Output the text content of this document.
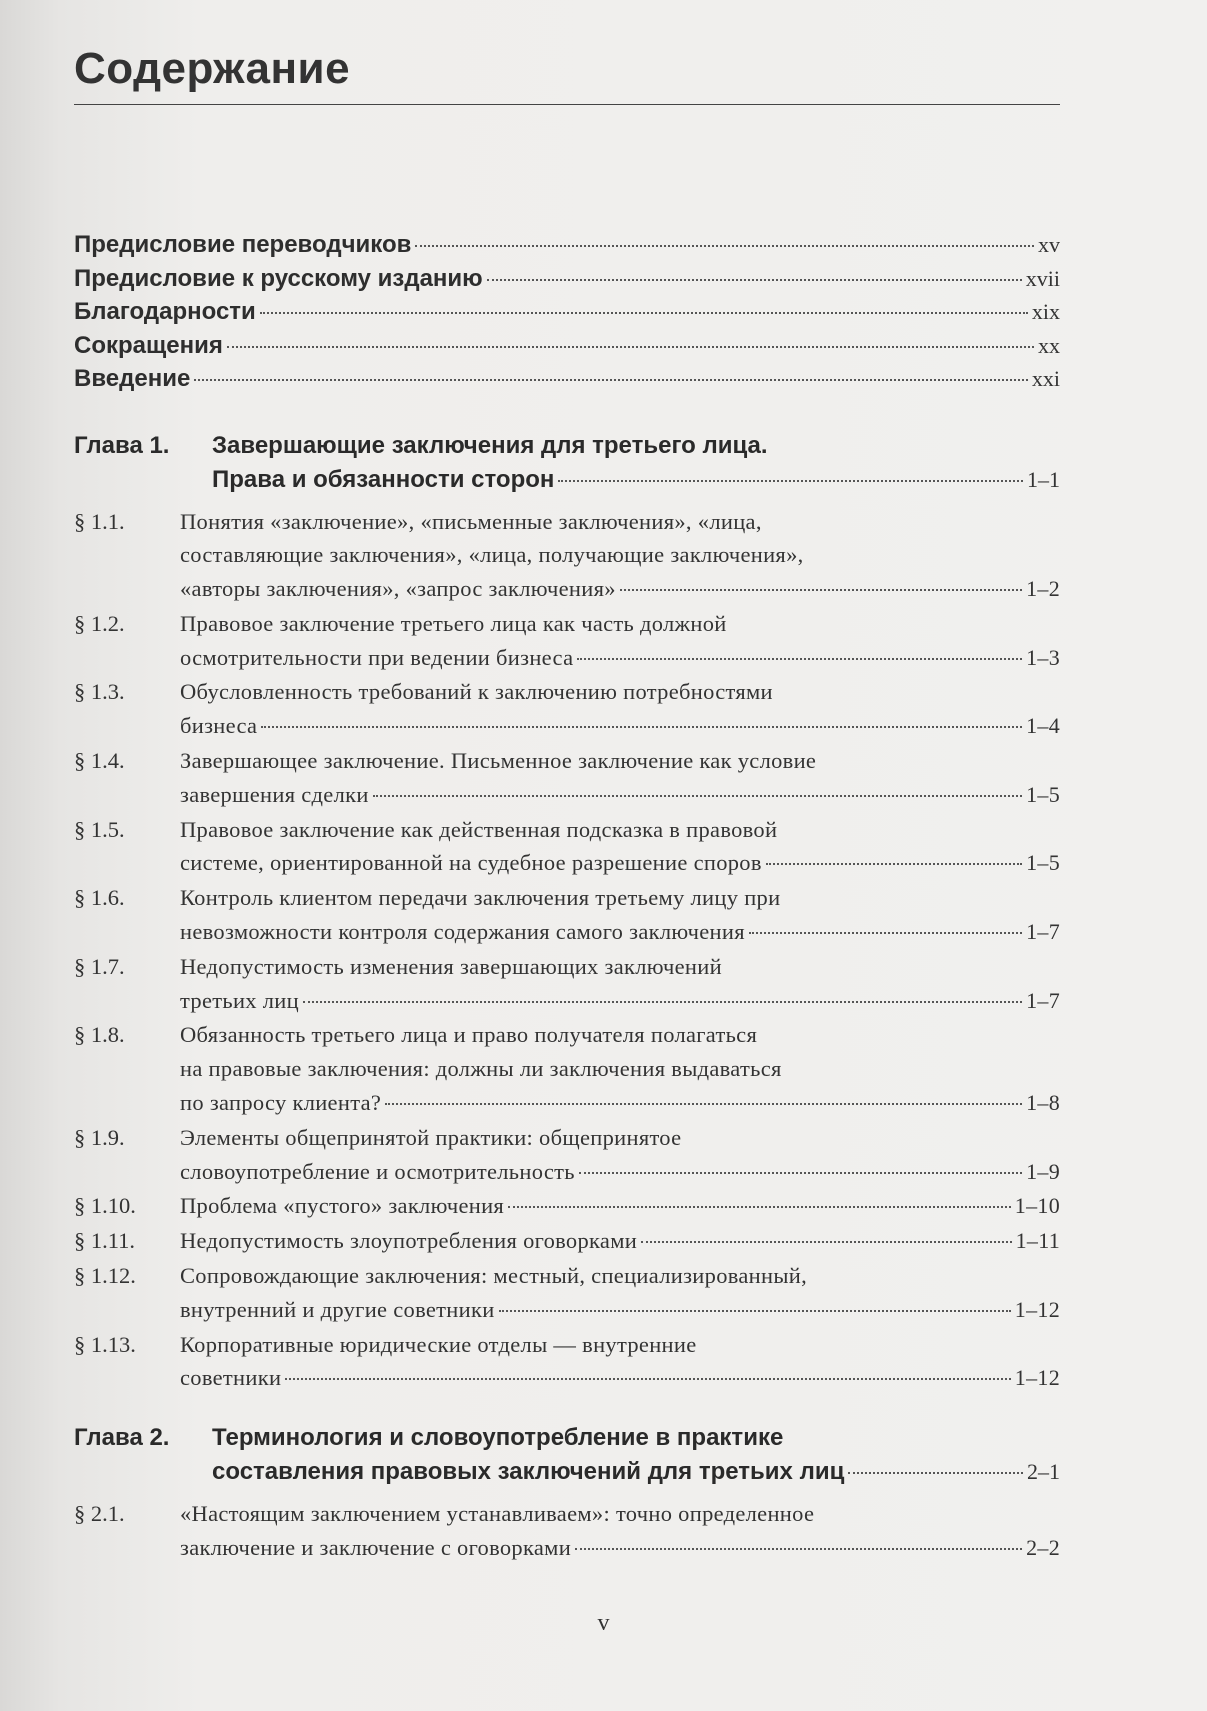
Содержание
Предисловие переводчиков	xv
Предисловие к русскому изданию	xvii
Благодарности	xix
Сокращения	xx
Введение	xxi
Глава 1.	Завершающие заключения для третьего лица.
Права и обязанности сторон	1–1
§ 1.1.	Понятия «заключение», «письменные заключения», «лица,
составляющие заключения», «лица, получающие заключения»,
«авторы заключения», «запрос заключения»	1–2
§ 1.2.	Правовое заключение третьего лица как часть должной
осмотрительности при ведении бизнеса	1–3
§ 1.3.	Обусловленность требований к заключению потребностями
бизнеса	1–4
§ 1.4.	Завершающее заключение. Письменное заключение как условие
завершения сделки	1–5
§ 1.5.	Правовое заключение как действенная подсказка в правовой
системе, ориентированной на судебное разрешение споров	1–5
§ 1.6.	Контроль клиентом передачи заключения третьему лицу при
невозможности контроля содержания самого заключения	1–7
§ 1.7.	Недопустимость изменения завершающих заключений
третьих лиц	1–7
§ 1.8.	Обязанность третьего лица и право получателя полагаться
на правовые заключения: должны ли заключения выдаваться
по запросу клиента?	1–8
§ 1.9.	Элементы общепринятой практики: общепринятое
словоупотребление и осмотрительность	1–9
§ 1.10.	Проблема «пустого» заключения	1–10
§ 1.11.	Недопустимость злоупотребления оговорками	1–11
§ 1.12.	Сопровождающие заключения: местный, специализированный,
внутренний и другие советники	1–12
§ 1.13.	Корпоративные юридические отделы — внутренние
советники	1–12
Глава 2.	Терминология и словоупотребление в практике
составления правовых заключений для третьих лиц	2–1
§ 2.1.	«Настоящим заключением устанавливаем»: точно определенное
заключение и заключение с оговорками	2–2
v
